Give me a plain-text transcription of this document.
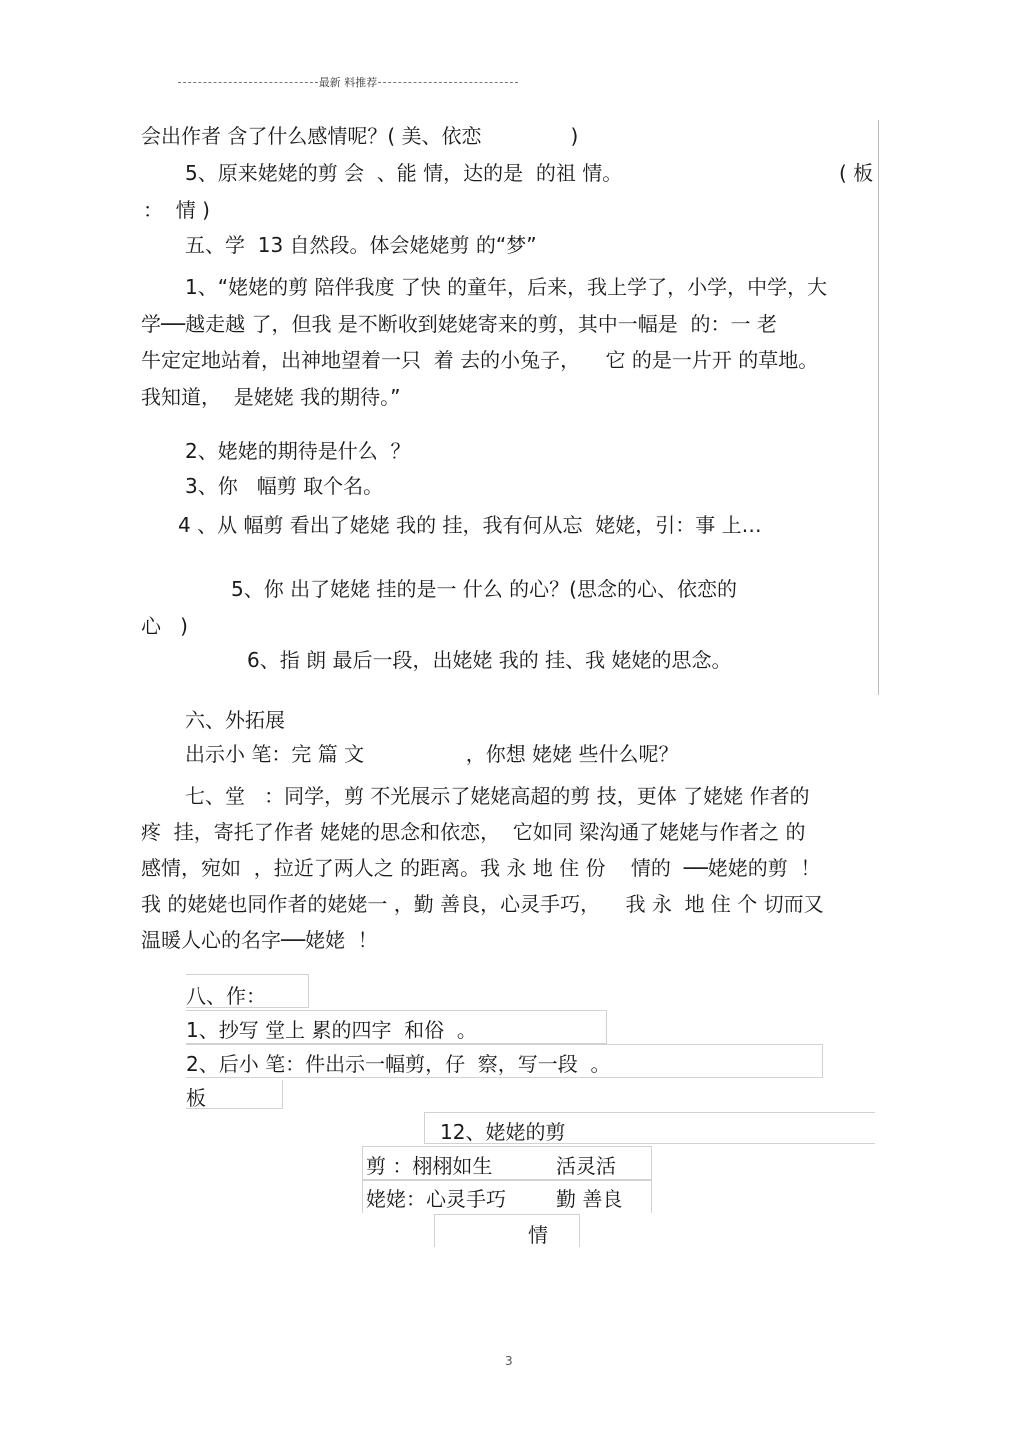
最新 料推荐
会出作者 含了什么感情呢？( 美、依恋              )
5、原来姥姥的剪 会  、能 情，达的是  的祖 情。	( 板
：  情 )
五、学  13 自然段。体会姥姥剪 的“梦”
1、“姥姥的剪 陪伴我度 了快 的童年，后来，我上学了，小学，中学，大
学──越走越 了，但我 是不断收到姥姥寄来的剪，其中一幅是  的：一 老
牛定定地站着，出神地望着一只  着 去的小兔子，    它 的是一片开 的草地。
我知道，  是姥姥 我的期待。”
2、姥姥的期待是什么  ？
3、你   幅剪 取个名。
4 、从 幅剪 看出了姥姥 我的 挂，我有何从忘  姥姥，引：事 上…
5、你 出了姥姥 挂的是一 什么 的心？(思念的心、依恋的
心   )
6、指 朗 最后一段，出姥姥 我的 挂、我 姥姥的思念。
六、外拓展
出示小 笔：完 篇 文                ，你想 姥姥 些什么呢？
七、堂   ：同学，剪 不光展示了姥姥高超的剪 技，更体 了姥姥 作者的
疼  挂，寄托了作者 姥姥的思念和依恋，  它如同 梁沟通了姥姥与作者之 的
感情，宛如  ，拉近了两人之 的距离。我 永 地 住 份    情的  ──姥姥的剪  ！
我 的姥姥也同作者的姥姥一 ，勤 善良，心灵手巧，    我 永  地 住 个 切而又
温暖人心的名字──姥姥  ！
八、作：
1、抄写 堂上 累的四字  和俗  。
2、后小 笔：件出示一幅剪，仔  察，写一段  。
板
12、姥姥的剪
剪 ：栩栩如生	活灵活
姥姥：心灵手巧	勤 善良
情
3
